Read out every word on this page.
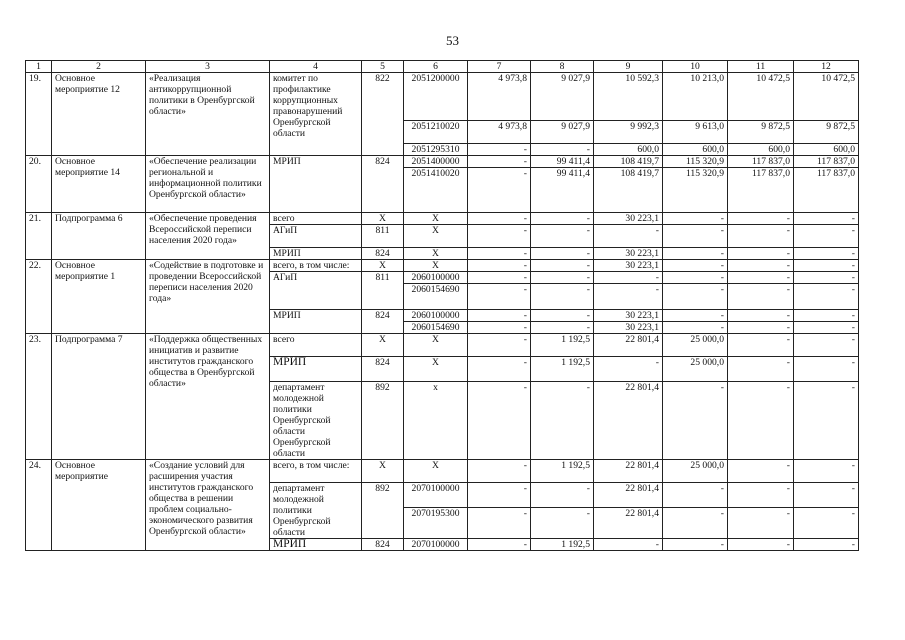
53
1	2	3	4	5	6	7	8	9	10	11	12
19.	Основное мероприятие 12	«Реализация антикоррупционной политики в Оренбургской области»	комитет по профилактике коррупционных правонарушений Оренбургской области	822	2051200000	4 973,8	9 027,9	10 592,3	10 213,0	10 472,5	10 472,5
					2051210020	4 973,8	9 027,9	9 992,3	9 613,0	9 872,5	9 872,5
					2051295310	-	-	600,0	600,0	600,0	600,0
20.	Основное мероприятие 14	«Обеспечение реализации региональной и информационной политики Оренбургской области»	МРИП	824	2051400000	-	99 411,4	108 419,7	115 320,9	117 837,0	117 837,0
					2051410020	-	99 411,4	108 419,7	115 320,9	117 837,0	117 837,0
21.	Подпрограмма 6	«Обеспечение проведения Всероссийской переписи населения 2020 года»	всего	X	X	-	-	30 223,1	-	-	-
			АГиП	811	X	-	-	-	-	-	-
			МРИП	824	X	-	-	30 223,1	-	-	-
22.	Основное мероприятие 1	«Содействие в подготовке и проведении Всероссийской переписи населения 2020 года»	всего, в том числе:	X	X	-	-	30 223,1	-	-	-
			АГиП	811	2060100000	-	-	-	-	-	-
					2060154690	-	-	-	-	-	-
			МРИП	824	2060100000	-	-	30 223,1	-	-	-
					2060154690	-	-	30 223,1	-	-	-
23.	Подпрограмма 7	«Поддержка общественных инициатив и развитие институтов гражданского общества в Оренбургской области»	всего	X	X	-	1 192,5	22 801,4	25 000,0	-	-
			МРИП	824	X	-	1 192,5	-	25 000,0	-	-
			департамент молодежной политики Оренбургской области Оренбургской области	892	x	-	-	22 801,4	-	-	-
24.	Основное мероприятие	«Создание условий для расширения участия институтов гражданского общества в решении проблем социально-экономического развития Оренбургской области»	всего, в том числе:	X	X	-	1 192,5	22 801,4	25 000,0	-	-
			департамент молодежной политики Оренбургской области	892	2070100000	-	-	22 801,4	-	-	-
					2070195300	-	-	22 801,4	-	-	-
			МРИП	824	2070100000	-	1 192,5	-	-	-	-
